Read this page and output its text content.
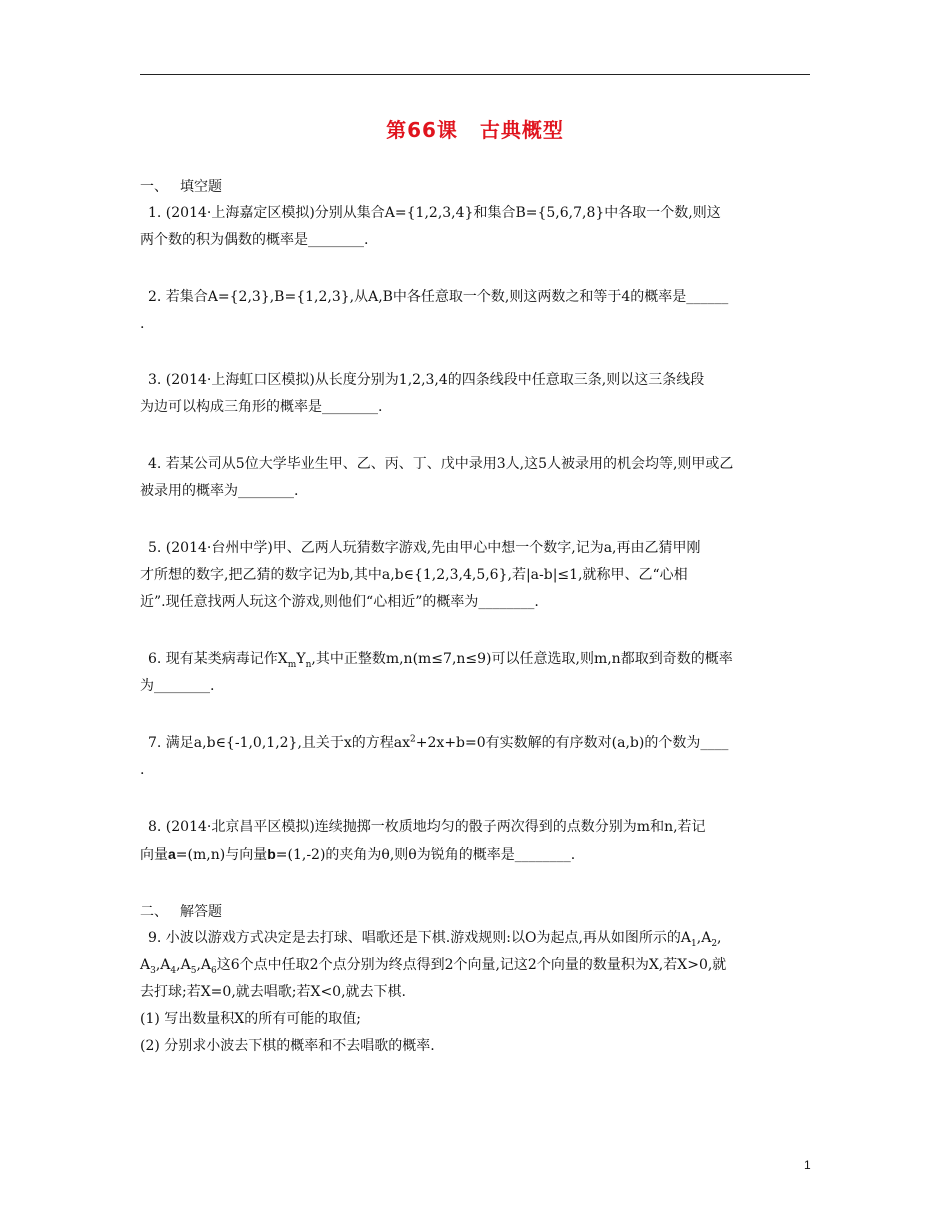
第66课 古典概型
一、 填空题
1. (2014·上海嘉定区模拟)分别从集合A={1,2,3,4}和集合B={5,6,7,8}中各取一个数,则这
两个数的积为偶数的概率是________.
2. 若集合A={2,3},B={1,2,3},从A,B中各任意取一个数,则这两数之和等于4的概率是______
.
3. (2014·上海虹口区模拟)从长度分别为1,2,3,4的四条线段中任意取三条,则以这三条线段
为边可以构成三角形的概率是________.
4. 若某公司从5位大学毕业生甲、乙、丙、丁、戊中录用3人,这5人被录用的机会均等,则甲或乙
被录用的概率为________.
5. (2014·台州中学)甲、乙两人玩猜数字游戏,先由甲心中想一个数字,记为a,再由乙猜甲刚
才所想的数字,把乙猜的数字记为b,其中a,b∈{1,2,3,4,5,6},若|a-b|≤1,就称甲、乙“心相
近”.现任意找两人玩这个游戏,则他们“心相近”的概率为________.
6. 现有某类病毒记作$X_mY_n$,其中正整数m,n(m≤7,n≤9)可以任意选取,则m,n都取到奇数的概率
为________.
7. 满足a,b∈{-1,0,1,2},且关于x的方程$ax^2+2x+b=0$有实数解的有序数对(a,b)的个数为____
.
8. (2014·北京昌平区模拟)连续抛掷一枚质地均匀的骰子两次得到的点数分别为m和n,若记
向量a=(m,n)与向量b=(1,-2)的夹角为θ,则θ为锐角的概率是________.
二、 解答题
9. 小波以游戏方式决定是去打球、唱歌还是下棋.游戏规则:以O为起点,再从如图所示的$A_1,A_2$,
$A_3,A_4,A_5,A_6$这6个点中任取2个点分别为终点得到2个向量,记这2个向量的数量积为X,若X>0,就
去打球;若X=0,就去唱歌;若X<0,就去下棋.
(1) 写出数量积X的所有可能的取值;
(2) 分别求小波去下棋的概率和不去唱歌的概率.
1
